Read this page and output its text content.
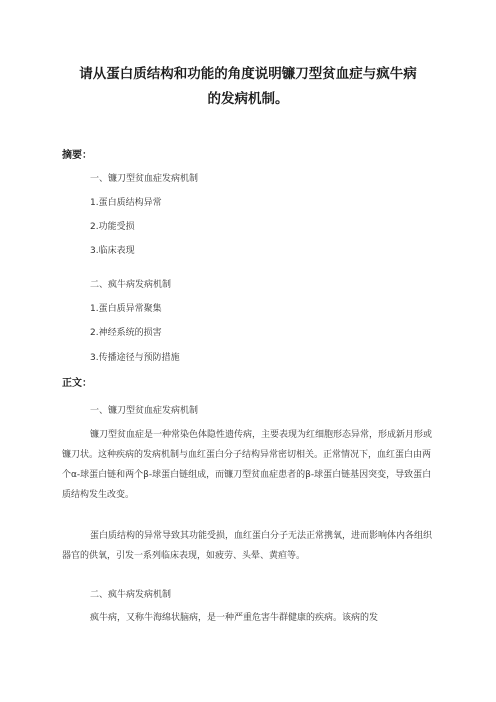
请从蛋白质结构和功能的角度说明镰刀型贫血症与疯牛病
的发病机制。
摘要：
一、镰刀型贫血症发病机制
1.蛋白质结构异常
2.功能受损
3.临床表现
二、疯牛病发病机制
1.蛋白质异常聚集
2.神经系统的损害
3.传播途径与预防措施
正文：
一、镰刀型贫血症发病机制

镰刀型贫血症是一种常染色体隐性遗传病，主要表现为红细胞形态异常，形成新月形或镰刀状。这种疾病的发病机制与血红蛋白分子结构异常密切相关。正常情况下，血红蛋白由两个α-球蛋白链和两个β-球蛋白链组成，而镰刀型贫血症患者的β-球蛋白链基因突变，导致蛋白质结构发生改变。

蛋白质结构的异常导致其功能受损，血红蛋白分子无法正常携氧，进而影响体内各组织器官的供氧，引发一系列临床表现，如疲劳、头晕、黄疸等。

二、疯牛病发病机制

疯牛病，又称牛海绵状脑病，是一种严重危害牛群健康的疾病。该病的发
